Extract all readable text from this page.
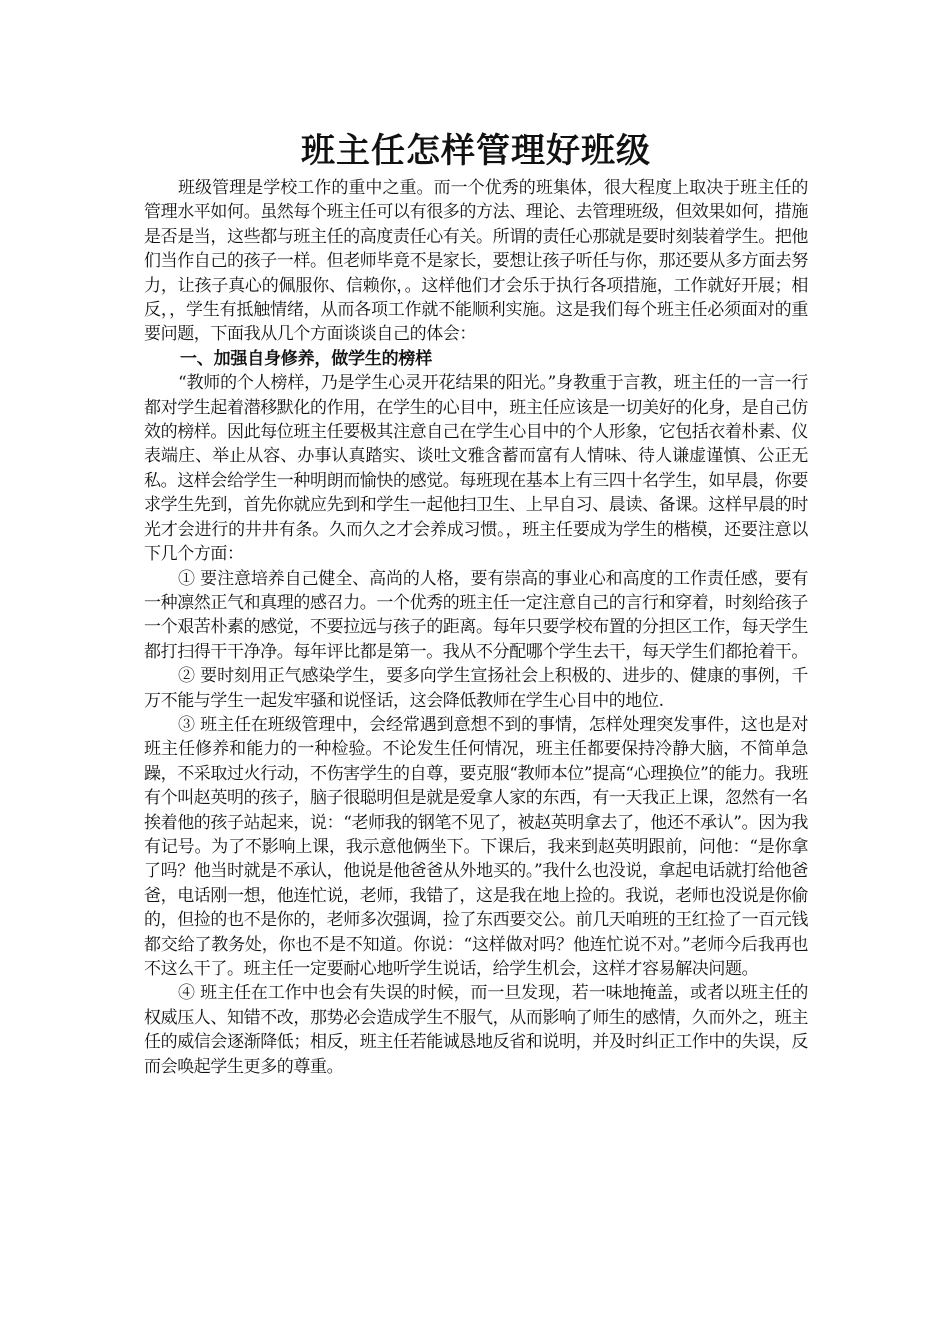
班主任怎样管理好班级

班级管理是学校工作的重中之重。而一个优秀的班集体，很大程度上取决于班主任的管理水平如何。虽然每个班主任可以有很多的方法、理论、去管理班级，但效果如何，措施是否是当，这些都与班主任的高度责任心有关。所谓的责任心那就是要时刻装着学生。把他们当作自己的孩子一样。但老师毕竟不是家长，要想让孩子听任与你，那还要从多方面去努力，让孩子真心的佩服你、信赖你，。这样他们才会乐于执行各项措施，工作就好开展；相反，，学生有抵触情绪，从而各项工作就不能顺利实施。这是我们每个班主任必须面对的重要问题，下面我从几个方面谈谈自己的体会：

一、加强自身修养，做学生的榜样

“教师的个人榜样，乃是学生心灵开花结果的阳光。”身教重于言教，班主任的一言一行都对学生起着潜移默化的作用，在学生的心目中，班主任应该是一切美好的化身，是自己仿效的榜样。因此每位班主任要极其注意自己在学生心目中的个人形象，它包括衣着朴素、仪表端庄、举止从容、办事认真踏实、谈吐文雅含蓄而富有人情味、待人谦虚谨慎、公正无私。这样会给学生一种明朗而愉快的感觉。每班现在基本上有三四十名学生，如早晨，你要求学生先到，首先你就应先到和学生一起他扫卫生、上早自习、晨读、备课。这样早晨的时光才会进行的井井有条。久而久之才会养成习惯。，班主任要成为学生的楷模，还要注意以下几个方面：

① 要注意培养自己健全、高尚的人格，要有崇高的事业心和高度的工作责任感，要有一种凛然正气和真理的感召力。一个优秀的班主任一定注意自己的言行和穿着，时刻给孩子一个艰苦朴素的感觉，不要拉远与孩子的距离。每年只要学校布置的分担区工作，每天学生都打扫得干干净净。每年评比都是第一。我从不分配哪个学生去干，每天学生们都抢着干。

② 要时刻用正气感染学生，要多向学生宣扬社会上积极的、进步的、健康的事例，千万不能与学生一起发牢骚和说怪话，这会降低教师在学生心目中的地位.

③ 班主任在班级管理中，会经常遇到意想不到的事情，怎样处理突发事件，这也是对班主任修养和能力的一种检验。不论发生任何情况，班主任都要保持冷静大脑，不简单急躁，不采取过火行动，不伤害学生的自尊，要克服“教师本位”提高“心理换位”的能力。我班有个叫赵英明的孩子，脑子很聪明但是就是爱拿人家的东西，有一天我正上课，忽然有一名挨着他的孩子站起来，说：“老师我的钢笔不见了，被赵英明拿去了，他还不承认”。因为我有记号。为了不影响上课，我示意他俩坐下。下课后，我来到赵英明跟前，问他：“是你拿了吗？他当时就是不承认，他说是他爸爸从外地买的。”我什么也没说，拿起电话就打给他爸爸，电话刚一想，他连忙说，老师，我错了，这是我在地上捡的。我说，老师也没说是你偷的，但捡的也不是你的，老师多次强调，捡了东西要交公。前几天咱班的王红捡了一百元钱都交给了教务处，你也不是不知道。你说：“这样做对吗？他连忙说不对。”老师今后我再也不这么干了。班主任一定要耐心地听学生说话，给学生机会，这样才容易解决问题。

④ 班主任在工作中也会有失误的时候，而一旦发现，若一味地掩盖，或者以班主任的权威压人、知错不改，那势必会造成学生不服气，从而影响了师生的感情，久而外之，班主任的威信会逐渐降低；相反，班主任若能诚恳地反省和说明，并及时纠正工作中的失误，反而会唤起学生更多的尊重。
